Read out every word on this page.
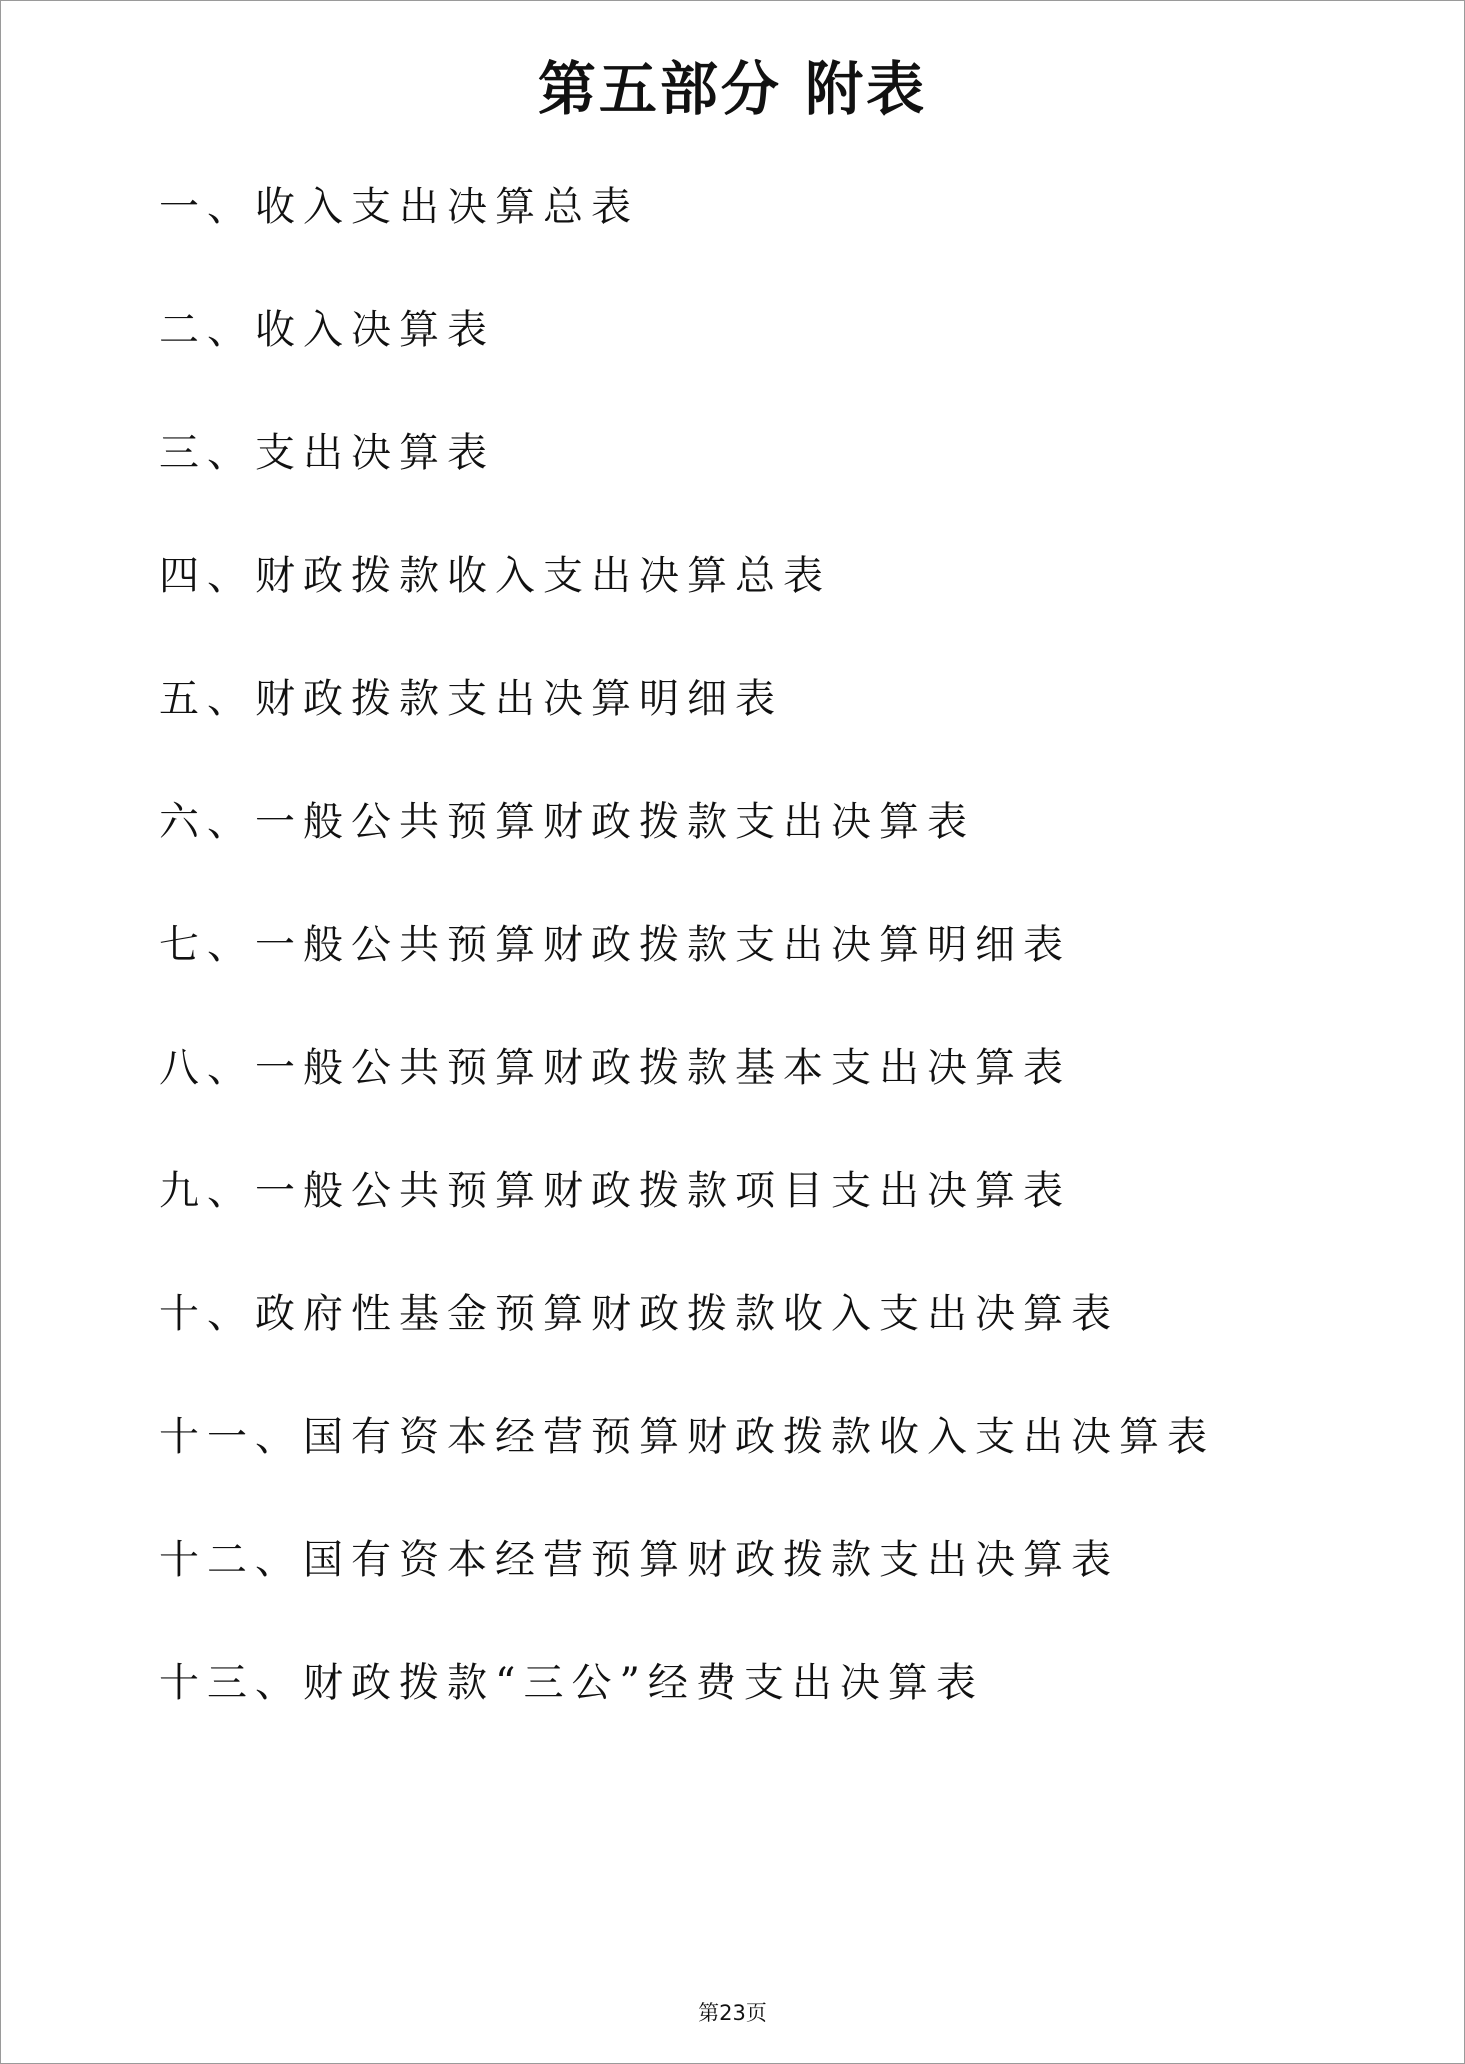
第五部分 附表
一、收入支出决算总表
二、收入决算表
三、支出决算表
四、财政拨款收入支出决算总表
五、财政拨款支出决算明细表
六、一般公共预算财政拨款支出决算表
七、一般公共预算财政拨款支出决算明细表
八、一般公共预算财政拨款基本支出决算表
九、一般公共预算财政拨款项目支出决算表
十、政府性基金预算财政拨款收入支出决算表
十一、国有资本经营预算财政拨款收入支出决算表
十二、国有资本经营预算财政拨款支出决算表
十三、财政拨款“三公”经费支出决算表
第23页
